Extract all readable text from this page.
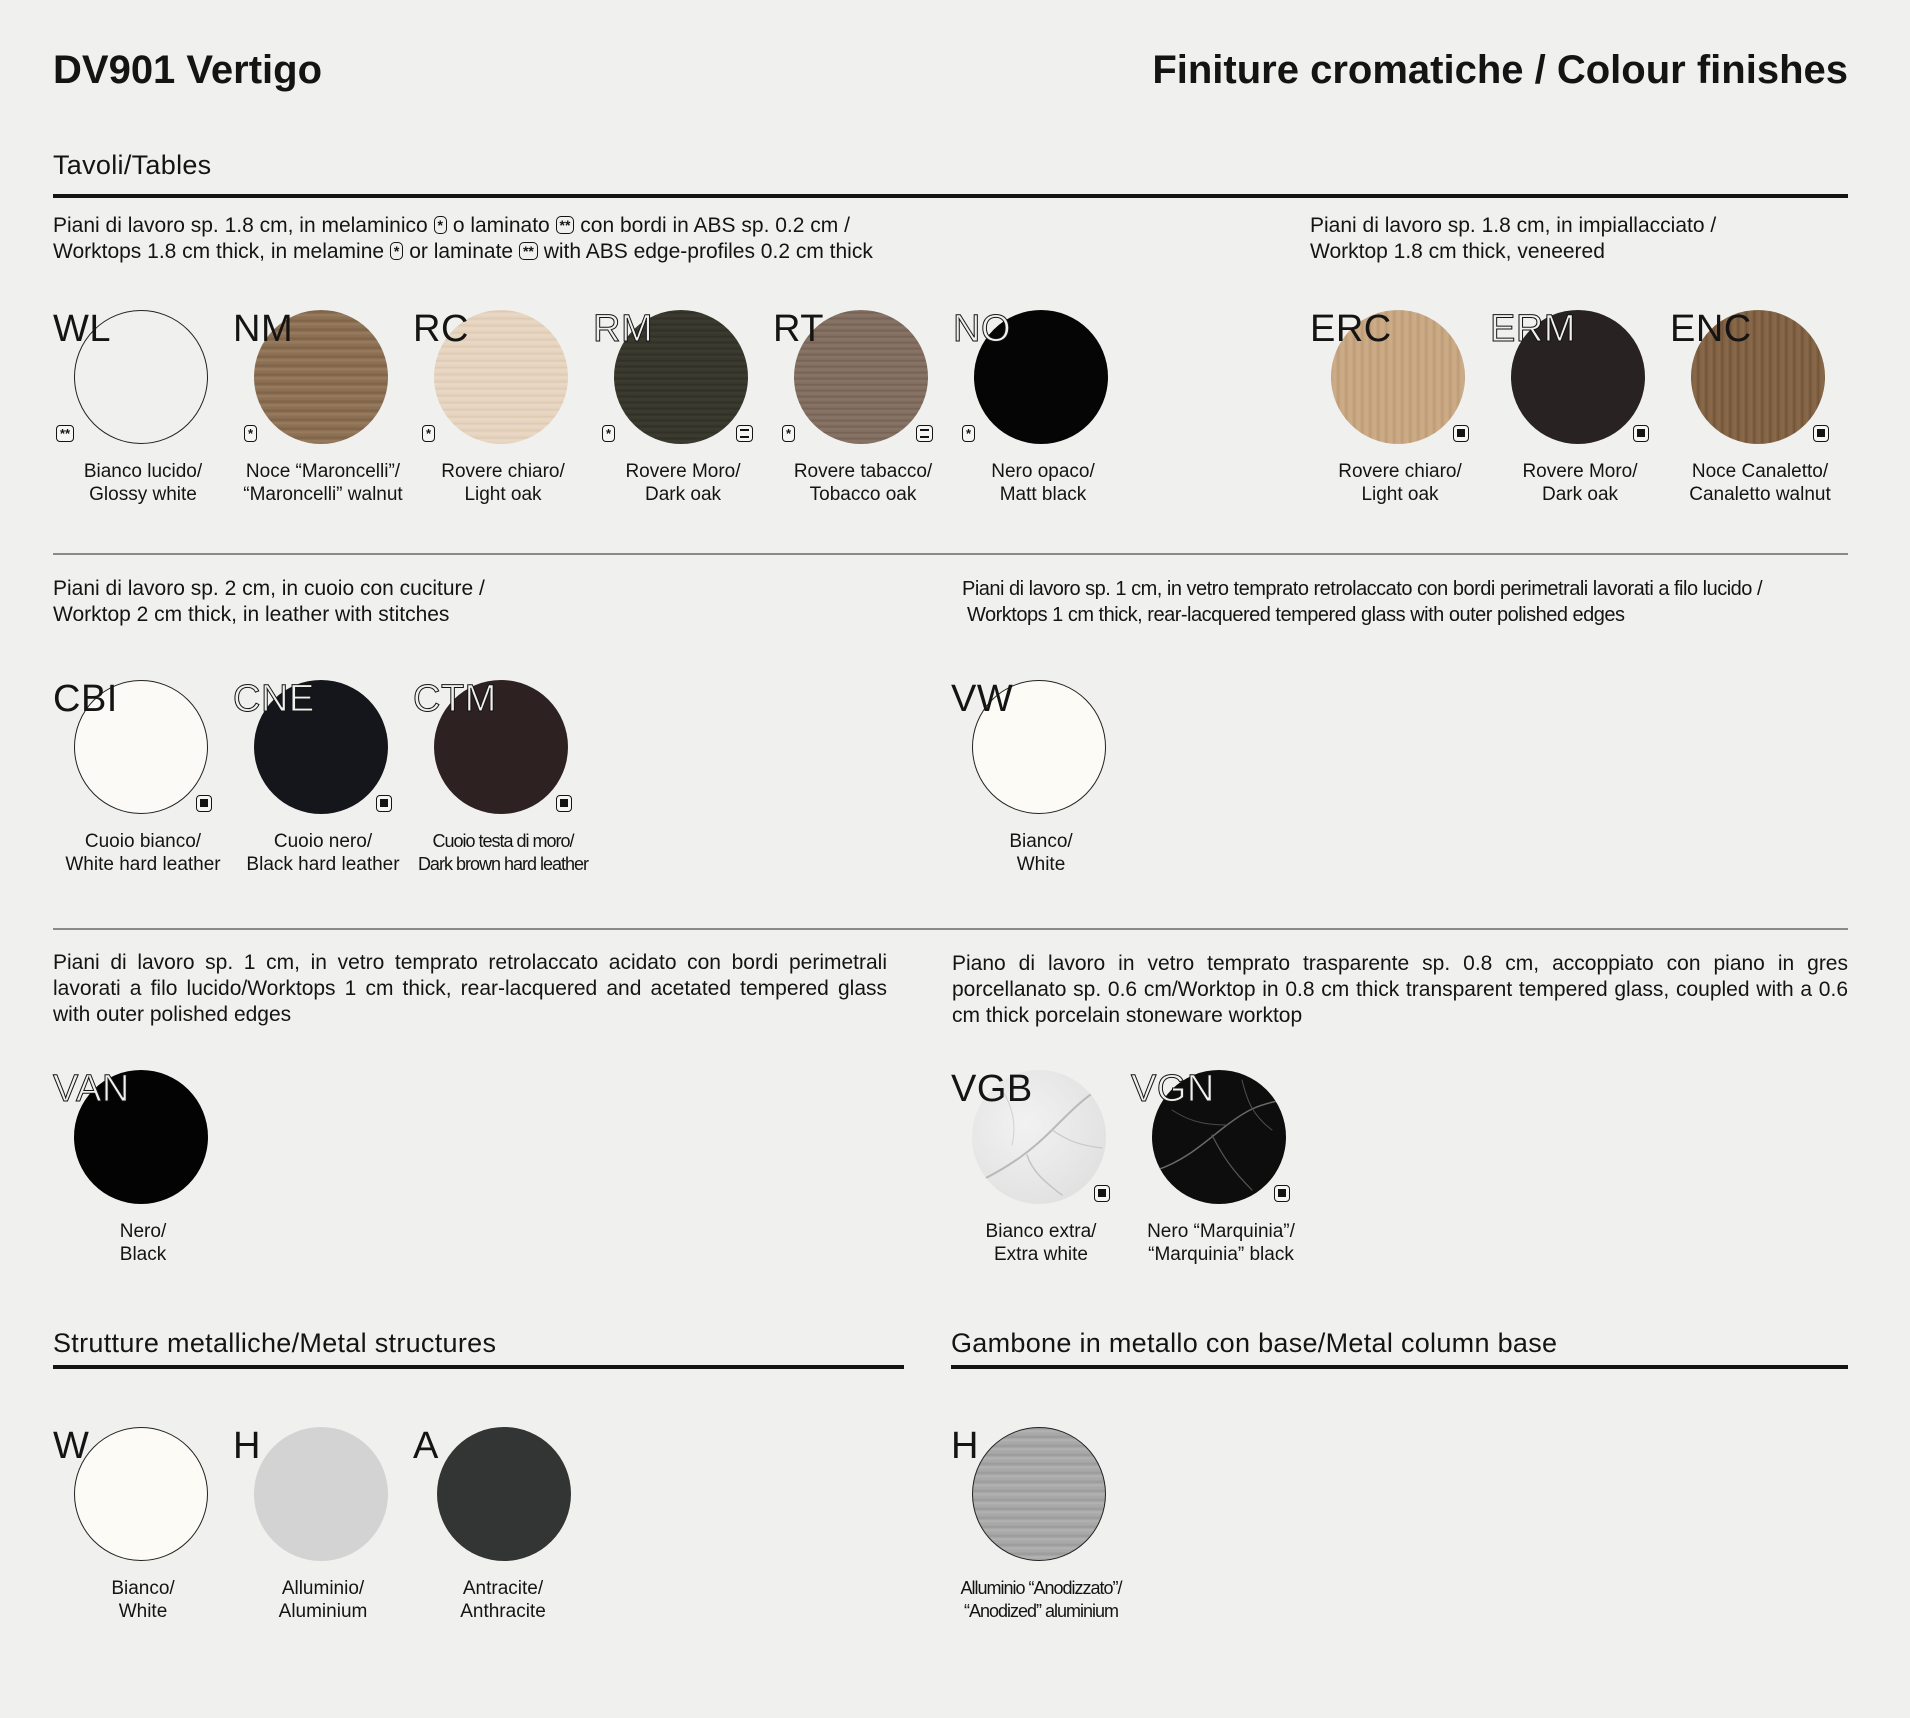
DV901 Vertigo	Finiture cromatiche / Colour finishes
Tavoli/Tables
Piani di lavoro sp. 1.8 cm, in melaminico * o laminato ** con bordi in ABS sp. 0.2 cm /
Worktops 1.8 cm thick, in melamine * or laminate ** with ABS edge-profiles 0.2 cm thick
Piani di lavoro sp. 1.8 cm, in impiallacciato /
Worktop 1.8 cm thick, veneered
WL
**
Bianco lucido/
Glossy white
NM
*
Noce “Maroncelli”/
“Maroncelli” walnut
RC
*
Rovere chiaro/
Light oak
RM
*
Rovere Moro/
Dark oak
RT
*
Rovere tabacco/
Tobacco oak
NO
*
Nero opaco/
Matt black
ERC
Rovere chiaro/
Light oak
ERM
Rovere Moro/
Dark oak
ENC
Noce Canaletto/
Canaletto walnut
Piani di lavoro sp. 2 cm, in cuoio con cuciture /
Worktop 2 cm thick, in leather with stitches
Piani di lavoro sp. 1 cm, in vetro temprato retrolaccato con bordi perimetrali lavorati a filo lucido /
Worktops 1 cm thick, rear-lacquered tempered glass with outer polished edges
CBI
Cuoio bianco/
White hard leather
CNE
Cuoio nero/
Black hard leather
CTM
Cuoio testa di moro/
Dark brown hard leather
VW
Bianco/
White
Piani di lavoro sp. 1 cm, in vetro temprato retrolaccato acidato con bordi perimetrali lavorati a filo lucido/Worktops 1 cm thick, rear-lacquered and acetated tempered glass with outer polished edges
Piano di lavoro in vetro temprato trasparente sp. 0.8 cm, accoppiato con piano in gres porcellanato sp. 0.6 cm/Worktop in 0.8 cm thick transparent tempered glass, coupled with a 0.6 cm thick porcelain stoneware worktop
VAN
Nero/
Black
VGB
Bianco extra/
Extra white
VGN
Nero “Marquinia”/
“Marquinia” black
Strutture metalliche/Metal structures	Gambone in metallo con base/Metal column base
W
Bianco/
White
H
Alluminio/
Aluminium
A
Antracite/
Anthracite
H
Alluminio “Anodizzato”/
“Anodized” aluminium
